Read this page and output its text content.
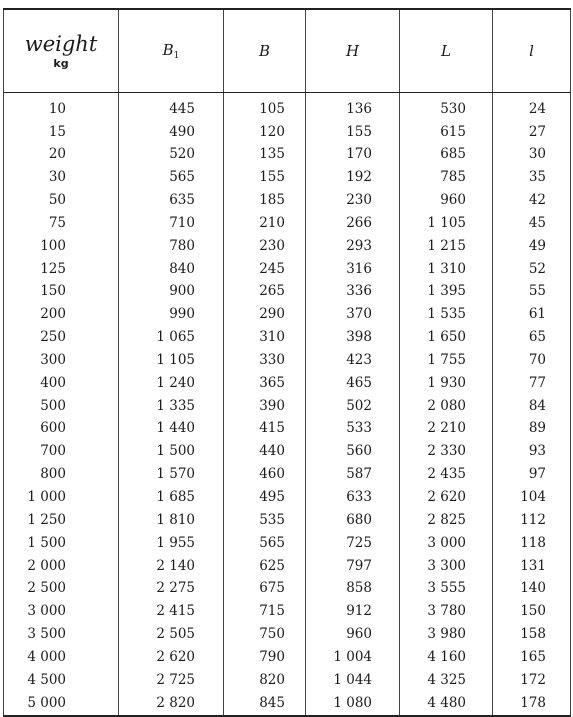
weight
kg	$B_1$	B	H	L	l
10	445	105	136	530	24
15	490	120	155	615	27
20	520	135	170	685	30
30	565	155	192	785	35
50	635	185	230	960	42
75	710	210	266	1 105	45
100	780	230	293	1 215	49
125	840	245	316	1 310	52
150	900	265	336	1 395	55
200	990	290	370	1 535	61
250	1 065	310	398	1 650	65
300	1 105	330	423	1 755	70
400	1 240	365	465	1 930	77
500	1 335	390	502	2 080	84
600	1 440	415	533	2 210	89
700	1 500	440	560	2 330	93
800	1 570	460	587	2 435	97
1 000	1 685	495	633	2 620	104
1 250	1 810	535	680	2 825	112
1 500	1 955	565	725	3 000	118
2 000	2 140	625	797	3 300	131
2 500	2 275	675	858	3 555	140
3 000	2 415	715	912	3 780	150
3 500	2 505	750	960	3 980	158
4 000	2 620	790	1 004	4 160	165
4 500	2 725	820	1 044	4 325	172
5 000	2 820	845	1 080	4 480	178
